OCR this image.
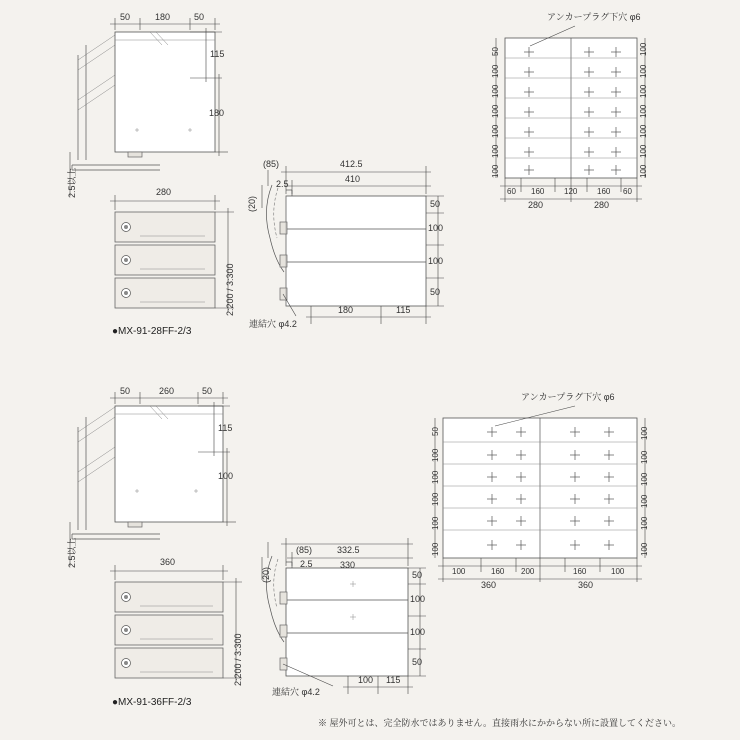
50	180	50
115
180
2.5以上	280
2:200 / 3:300
●MX-91-28FF-2/3
(85)	412.5
410
2.5
(20)	50
100
100
50
180	115
連結穴 φ4.2
アンカープラグ下穴 φ6
50
100
100
100
100
100
100
100
100
100
100
100
100
100
60 160 120 160 60
280	280
50	260	50
115
100
2.5以上	360
2:200 / 3:300
●MX-91-36FF-2/3
(85)	332.5
330
2.5
(20)	50
100
100
50
100 115
連結穴 φ4.2
アンカープラグ下穴 φ6
50
100
100
100
100
100
100
100
100
100
100
100
100	160 200	160	100
360	360
※ 屋外可とは、完全防水ではありません。直接雨水にかからない所に設置してください。
